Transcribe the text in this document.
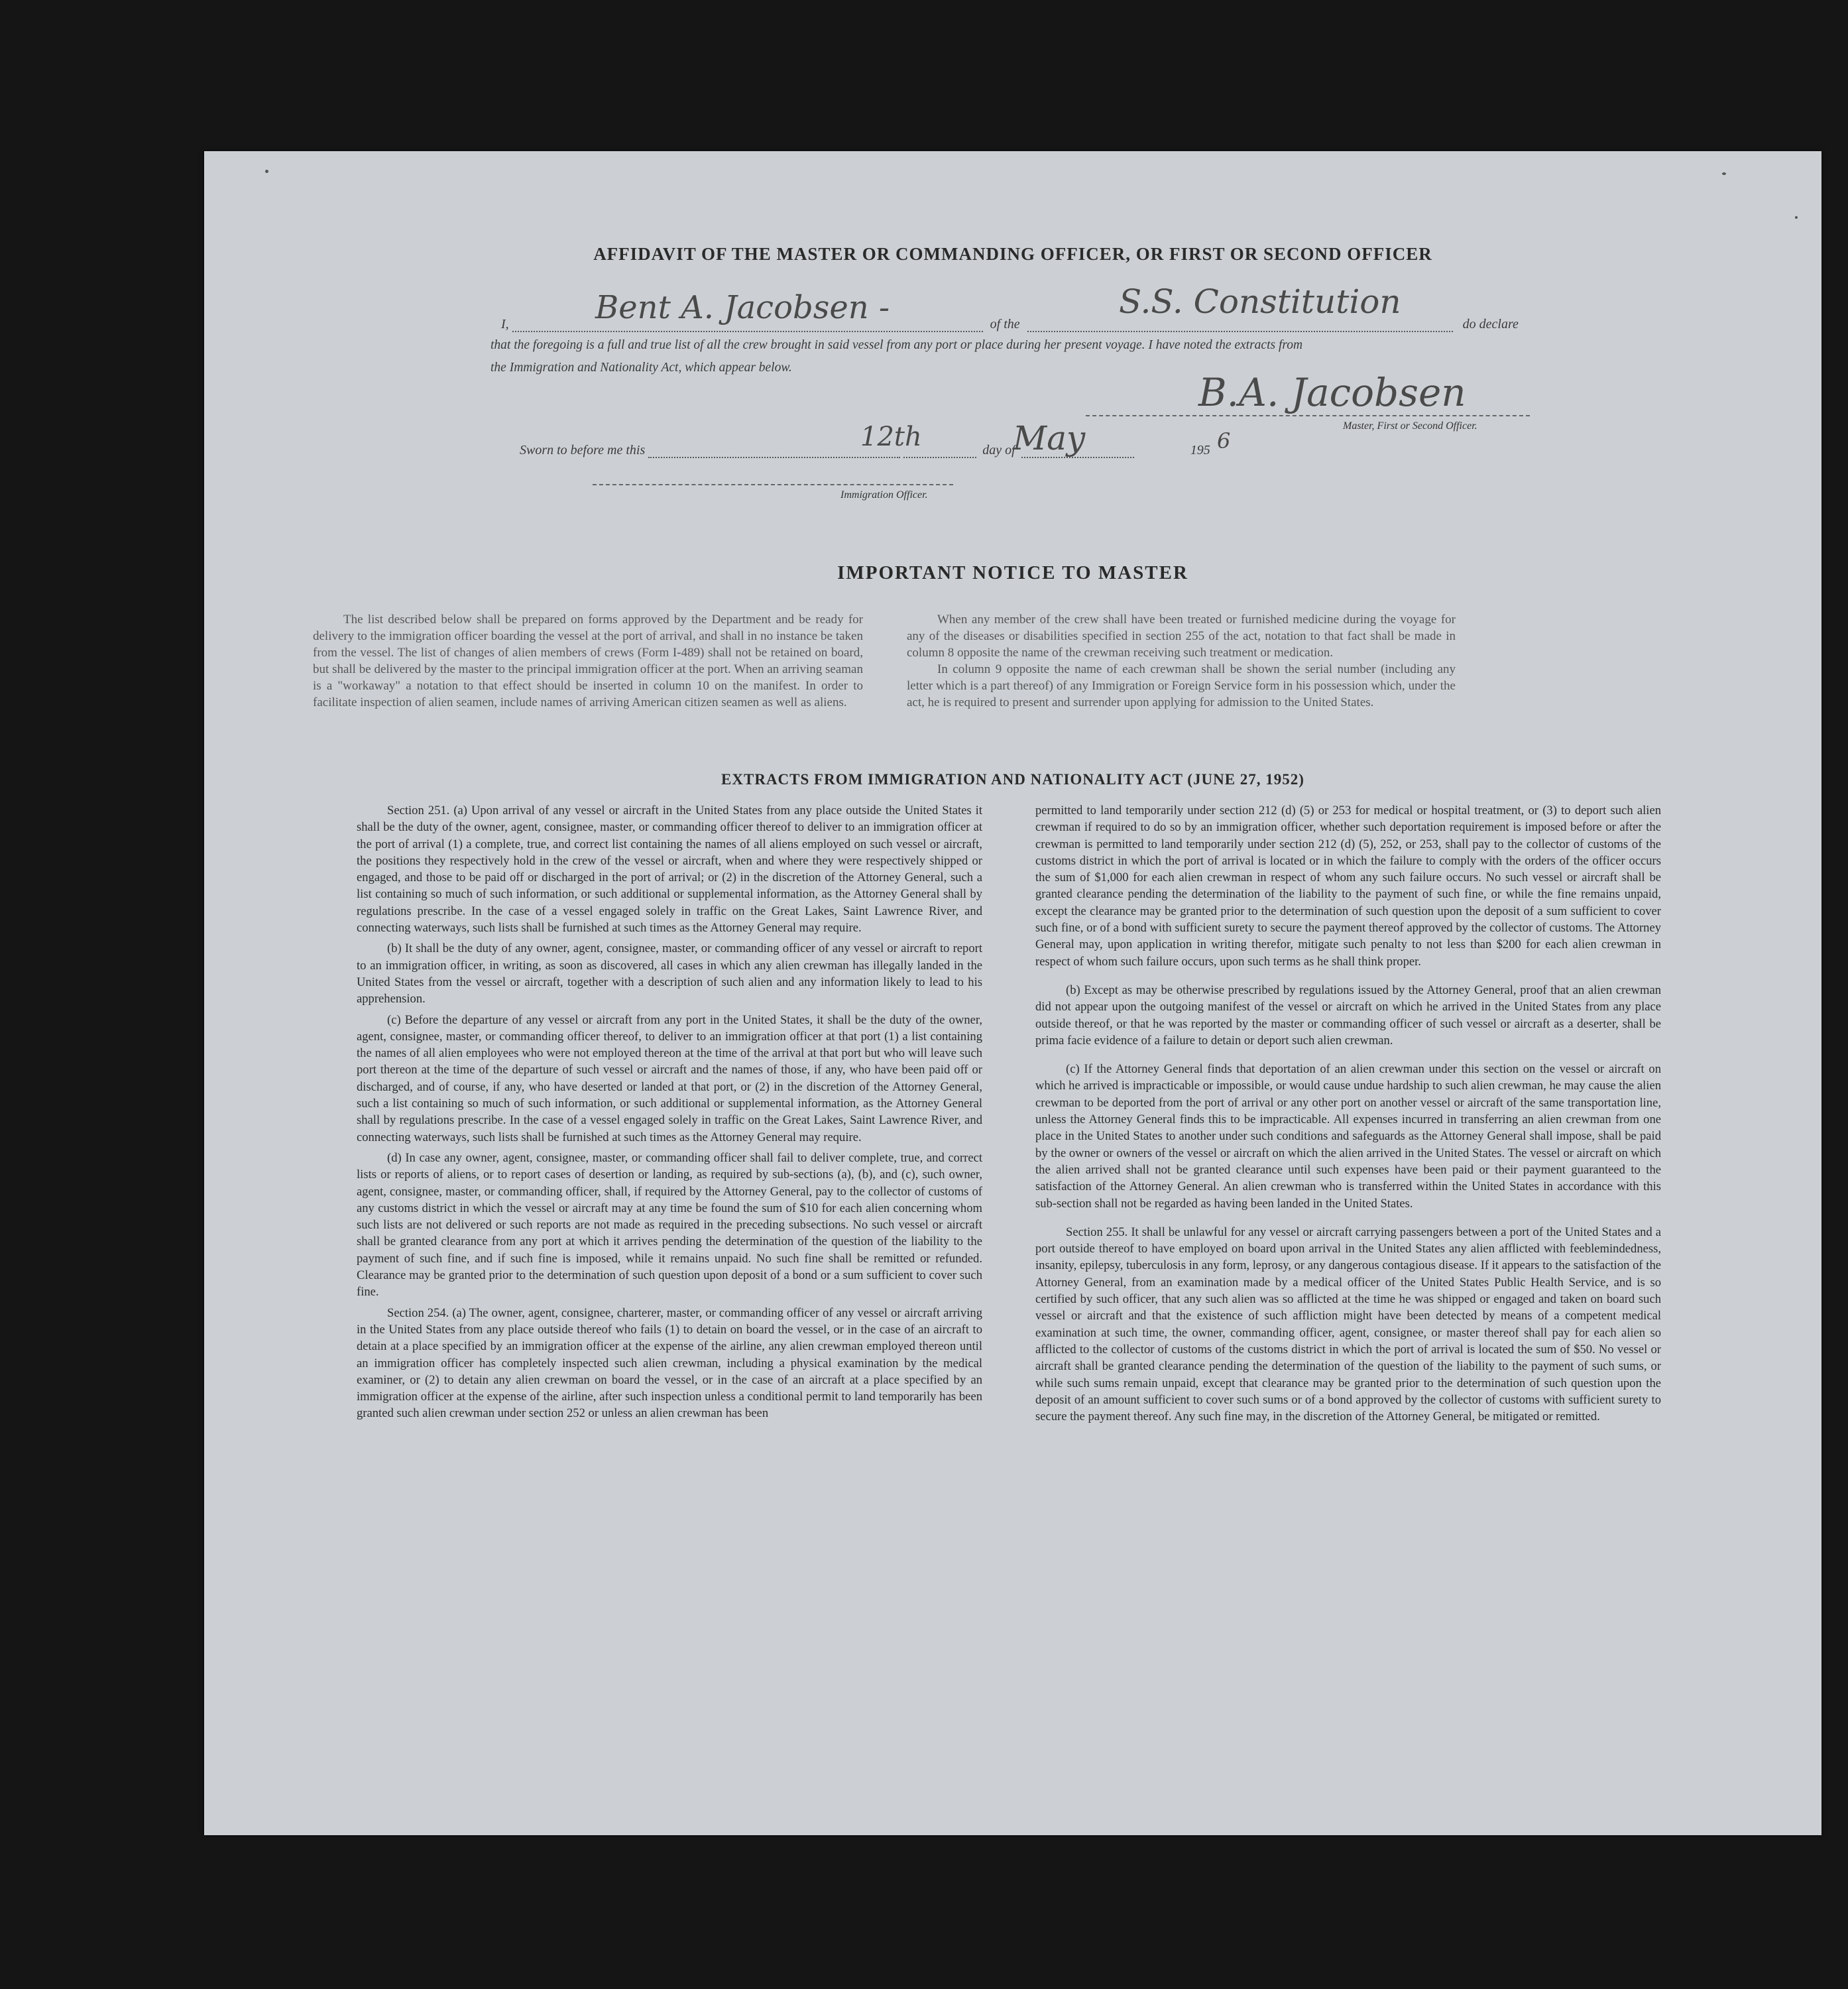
AFFIDAVIT OF THE MASTER OR COMMANDING OFFICER, OR FIRST OR SECOND OFFICER
I,	of the	do declare
Bent A. Jacobsen -	S.S. Constitution
that the foregoing is a full and true list of all the crew brought in said vessel from any port or place during her present voyage. I have noted the extracts from
the Immigration and Nationality Act, which appear below.
B.A. Jacobsen
Master, First or Second Officer.
Sworn to before me this	day of	195
12th	May	6
Immigration Officer.
IMPORTANT NOTICE TO MASTER

The list described below shall be prepared on forms approved by the Department and be ready for delivery to the immigration officer boarding the vessel at the port of arrival, and shall in no instance be taken from the vessel. The list of changes of alien members of crews (Form I-489) shall not be retained on board, but shall be delivered by the master to the principal immigration officer at the port. When an arriving seaman is a "workaway" a notation to that effect should be inserted in column 10 on the manifest. In order to facilitate inspection of alien seamen, include names of arriving American citizen seamen as well as aliens.

When any member of the crew shall have been treated or furnished medicine during the voyage for any of the diseases or disabilities specified in section 255 of the act, notation to that fact shall be made in column 8 opposite the name of the crewman receiving such treatment or medication.

In column 9 opposite the name of each crewman shall be shown the serial number (including any letter which is a part thereof) of any Immigration or Foreign Service form in his possession which, under the act, he is required to present and surrender upon applying for admission to the United States.

EXTRACTS FROM IMMIGRATION AND NATIONALITY ACT (JUNE 27, 1952)

Section 251. (a) Upon arrival of any vessel or aircraft in the United States from any place outside the United States it shall be the duty of the owner, agent, consignee, master, or commanding officer thereof to deliver to an immigration officer at the port of arrival (1) a complete, true, and correct list containing the names of all aliens employed on such vessel or aircraft, the positions they respectively hold in the crew of the vessel or aircraft, when and where they were respectively shipped or engaged, and those to be paid off or discharged in the port of arrival; or (2) in the discretion of the Attorney General, such a list containing so much of such information, or such additional or supplemental information, as the Attorney General shall by regulations prescribe. In the case of a vessel engaged solely in traffic on the Great Lakes, Saint Lawrence River, and connecting waterways, such lists shall be furnished at such times as the Attorney General may require.

(b) It shall be the duty of any owner, agent, consignee, master, or commanding officer of any vessel or aircraft to report to an immigration officer, in writing, as soon as discovered, all cases in which any alien crewman has illegally landed in the United States from the vessel or aircraft, together with a description of such alien and any information likely to lead to his apprehension.

(c) Before the departure of any vessel or aircraft from any port in the United States, it shall be the duty of the owner, agent, consignee, master, or commanding officer thereof, to deliver to an immigration officer at that port (1) a list containing the names of all alien employees who were not employed thereon at the time of the arrival at that port but who will leave such port thereon at the time of the departure of such vessel or aircraft and the names of those, if any, who have been paid off or discharged, and of course, if any, who have deserted or landed at that port, or (2) in the discretion of the Attorney General, such a list containing so much of such information, or such additional or supplemental information, as the Attorney General shall by regulations prescribe. In the case of a vessel engaged solely in traffic on the Great Lakes, Saint Lawrence River, and connecting waterways, such lists shall be furnished at such times as the Attorney General may require.

(d) In case any owner, agent, consignee, master, or commanding officer shall fail to deliver complete, true, and correct lists or reports of aliens, or to report cases of desertion or landing, as required by sub-sections (a), (b), and (c), such owner, agent, consignee, master, or commanding officer, shall, if required by the Attorney General, pay to the collector of customs of any customs district in which the vessel or aircraft may at any time be found the sum of $10 for each alien concerning whom such lists are not delivered or such reports are not made as required in the preceding subsections. No such vessel or aircraft shall be granted clearance from any port at which it arrives pending the determination of the question of the liability to the payment of such fine, and if such fine is imposed, while it remains unpaid. No such fine shall be remitted or refunded. Clearance may be granted prior to the determination of such question upon deposit of a bond or a sum sufficient to cover such fine.

Section 254. (a) The owner, agent, consignee, charterer, master, or commanding officer of any vessel or aircraft arriving in the United States from any place outside thereof who fails (1) to detain on board the vessel, or in the case of an aircraft to detain at a place specified by an immigration officer at the expense of the airline, any alien crewman employed thereon until an immigration officer has completely inspected such alien crewman, including a physical examination by the medical examiner, or (2) to detain any alien crewman on board the vessel, or in the case of an aircraft at a place specified by an immigration officer at the expense of the airline, after such inspection unless a conditional permit to land temporarily has been granted such alien crewman under section 252 or unless an alien crewman has been

permitted to land temporarily under section 212 (d) (5) or 253 for medical or hospital treatment, or (3) to deport such alien crewman if required to do so by an immigration officer, whether such deportation requirement is imposed before or after the crewman is permitted to land temporarily under section 212 (d) (5), 252, or 253, shall pay to the collector of customs of the customs district in which the port of arrival is located or in which the failure to comply with the orders of the officer occurs the sum of $1,000 for each alien crewman in respect of whom any such failure occurs. No such vessel or aircraft shall be granted clearance pending the determination of the liability to the payment of such fine, or while the fine remains unpaid, except the clearance may be granted prior to the determination of such question upon the deposit of a sum sufficient to cover such fine, or of a bond with sufficient surety to secure the payment thereof approved by the collector of customs. The Attorney General may, upon application in writing therefor, mitigate such penalty to not less than $200 for each alien crewman in respect of whom such failure occurs, upon such terms as he shall think proper.

(b) Except as may be otherwise prescribed by regulations issued by the Attorney General, proof that an alien crewman did not appear upon the outgoing manifest of the vessel or aircraft on which he arrived in the United States from any place outside thereof, or that he was reported by the master or commanding officer of such vessel or aircraft as a deserter, shall be prima facie evidence of a failure to detain or deport such alien crewman.

(c) If the Attorney General finds that deportation of an alien crewman under this section on the vessel or aircraft on which he arrived is impracticable or impossible, or would cause undue hardship to such alien crewman, he may cause the alien crewman to be deported from the port of arrival or any other port on another vessel or aircraft of the same transportation line, unless the Attorney General finds this to be impracticable. All expenses incurred in transferring an alien crewman from one place in the United States to another under such conditions and safeguards as the Attorney General shall impose, shall be paid by the owner or owners of the vessel or aircraft on which the alien arrived in the United States. The vessel or aircraft on which the alien arrived shall not be granted clearance until such expenses have been paid or their payment guaranteed to the satisfaction of the Attorney General. An alien crewman who is transferred within the United States in accordance with this sub-section shall not be regarded as having been landed in the United States.

Section 255. It shall be unlawful for any vessel or aircraft carrying passengers between a port of the United States and a port outside thereof to have employed on board upon arrival in the United States any alien afflicted with feeblemindedness, insanity, epilepsy, tuberculosis in any form, leprosy, or any dangerous contagious disease. If it appears to the satisfaction of the Attorney General, from an examination made by a medical officer of the United States Public Health Service, and is so certified by such officer, that any such alien was so afflicted at the time he was shipped or engaged and taken on board such vessel or aircraft and that the existence of such affliction might have been detected by means of a competent medical examination at such time, the owner, commanding officer, agent, consignee, or master thereof shall pay for each alien so afflicted to the collector of customs of the customs district in which the port of arrival is located the sum of $50. No vessel or aircraft shall be granted clearance pending the determination of the question of the liability to the payment of such sums, or while such sums remain unpaid, except that clearance may be granted prior to the determination of such question upon the deposit of an amount sufficient to cover such sums or of a bond approved by the collector of customs with sufficient surety to secure the payment thereof. Any such fine may, in the discretion of the Attorney General, be mitigated or remitted.
